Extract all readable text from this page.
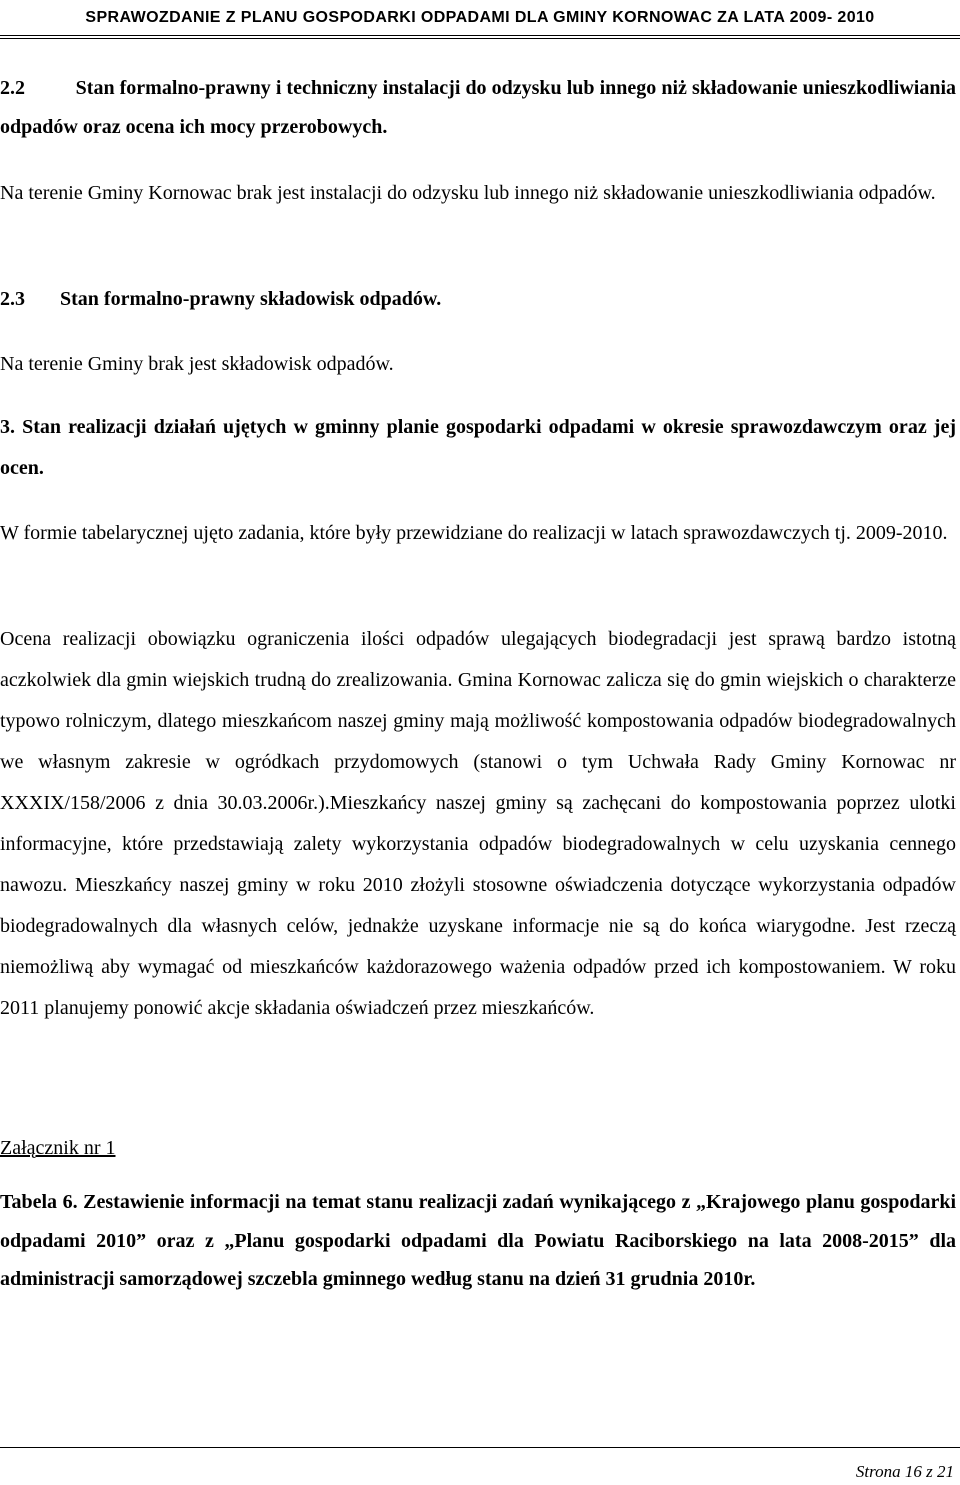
SPRAWOZDANIE Z PLANU GOSPODARKI ODPADAMI DLA GMINY KORNOWAC ZA LATA 2009- 2010
2.2          Stan formalno-prawny i techniczny instalacji do odzysku lub innego niż składowanie unieszkodliwiania odpadów oraz ocena ich mocy przerobowych.
Na terenie Gminy Kornowac brak jest instalacji do odzysku lub innego niż składowanie unieszkodliwiania odpadów.
2.3       Stan formalno-prawny składowisk odpadów.
Na terenie Gminy brak jest składowisk odpadów.
3. Stan realizacji działań ujętych w gminny planie gospodarki odpadami w okresie sprawozdawczym oraz jej ocen.
W formie tabelarycznej ujęto zadania, które były przewidziane do realizacji w latach sprawozdawczych tj. 2009-2010.
Ocena realizacji obowiązku ograniczenia ilości odpadów ulegających biodegradacji jest sprawą bardzo istotną aczkolwiek dla gmin wiejskich trudną do zrealizowania. Gmina Kornowac zalicza się do gmin wiejskich o charakterze typowo rolniczym, dlatego mieszkańcom naszej gminy mają możliwość kompostowania odpadów biodegradowalnych we własnym zakresie w ogródkach przydomowych (stanowi o tym Uchwała Rady Gminy Kornowac nr XXXIX/158/2006 z dnia 30.03.2006r.).Mieszkańcy naszej gminy są zachęcani do kompostowania poprzez ulotki informacyjne, które przedstawiają zalety wykorzystania odpadów biodegradowalnych w celu uzyskania cennego nawozu. Mieszkańcy naszej gminy w roku 2010 złożyli stosowne oświadczenia dotyczące wykorzystania odpadów biodegradowalnych dla własnych celów, jednakże uzyskane informacje nie są do końca wiarygodne. Jest rzeczą niemożliwą aby wymagać od mieszkańców każdorazowego ważenia odpadów przed ich kompostowaniem. W roku 2011 planujemy ponowić akcje składania oświadczeń przez mieszkańców.
Załącznik nr 1
Tabela 6. Zestawienie informacji na temat stanu realizacji zadań wynikającego z „Krajowego planu gospodarki odpadami 2010” oraz z „Planu gospodarki odpadami dla Powiatu Raciborskiego na lata 2008-2015” dla administracji samorządowej szczebla gminnego według stanu na dzień 31 grudnia 2010r.
Strona 16 z 21
